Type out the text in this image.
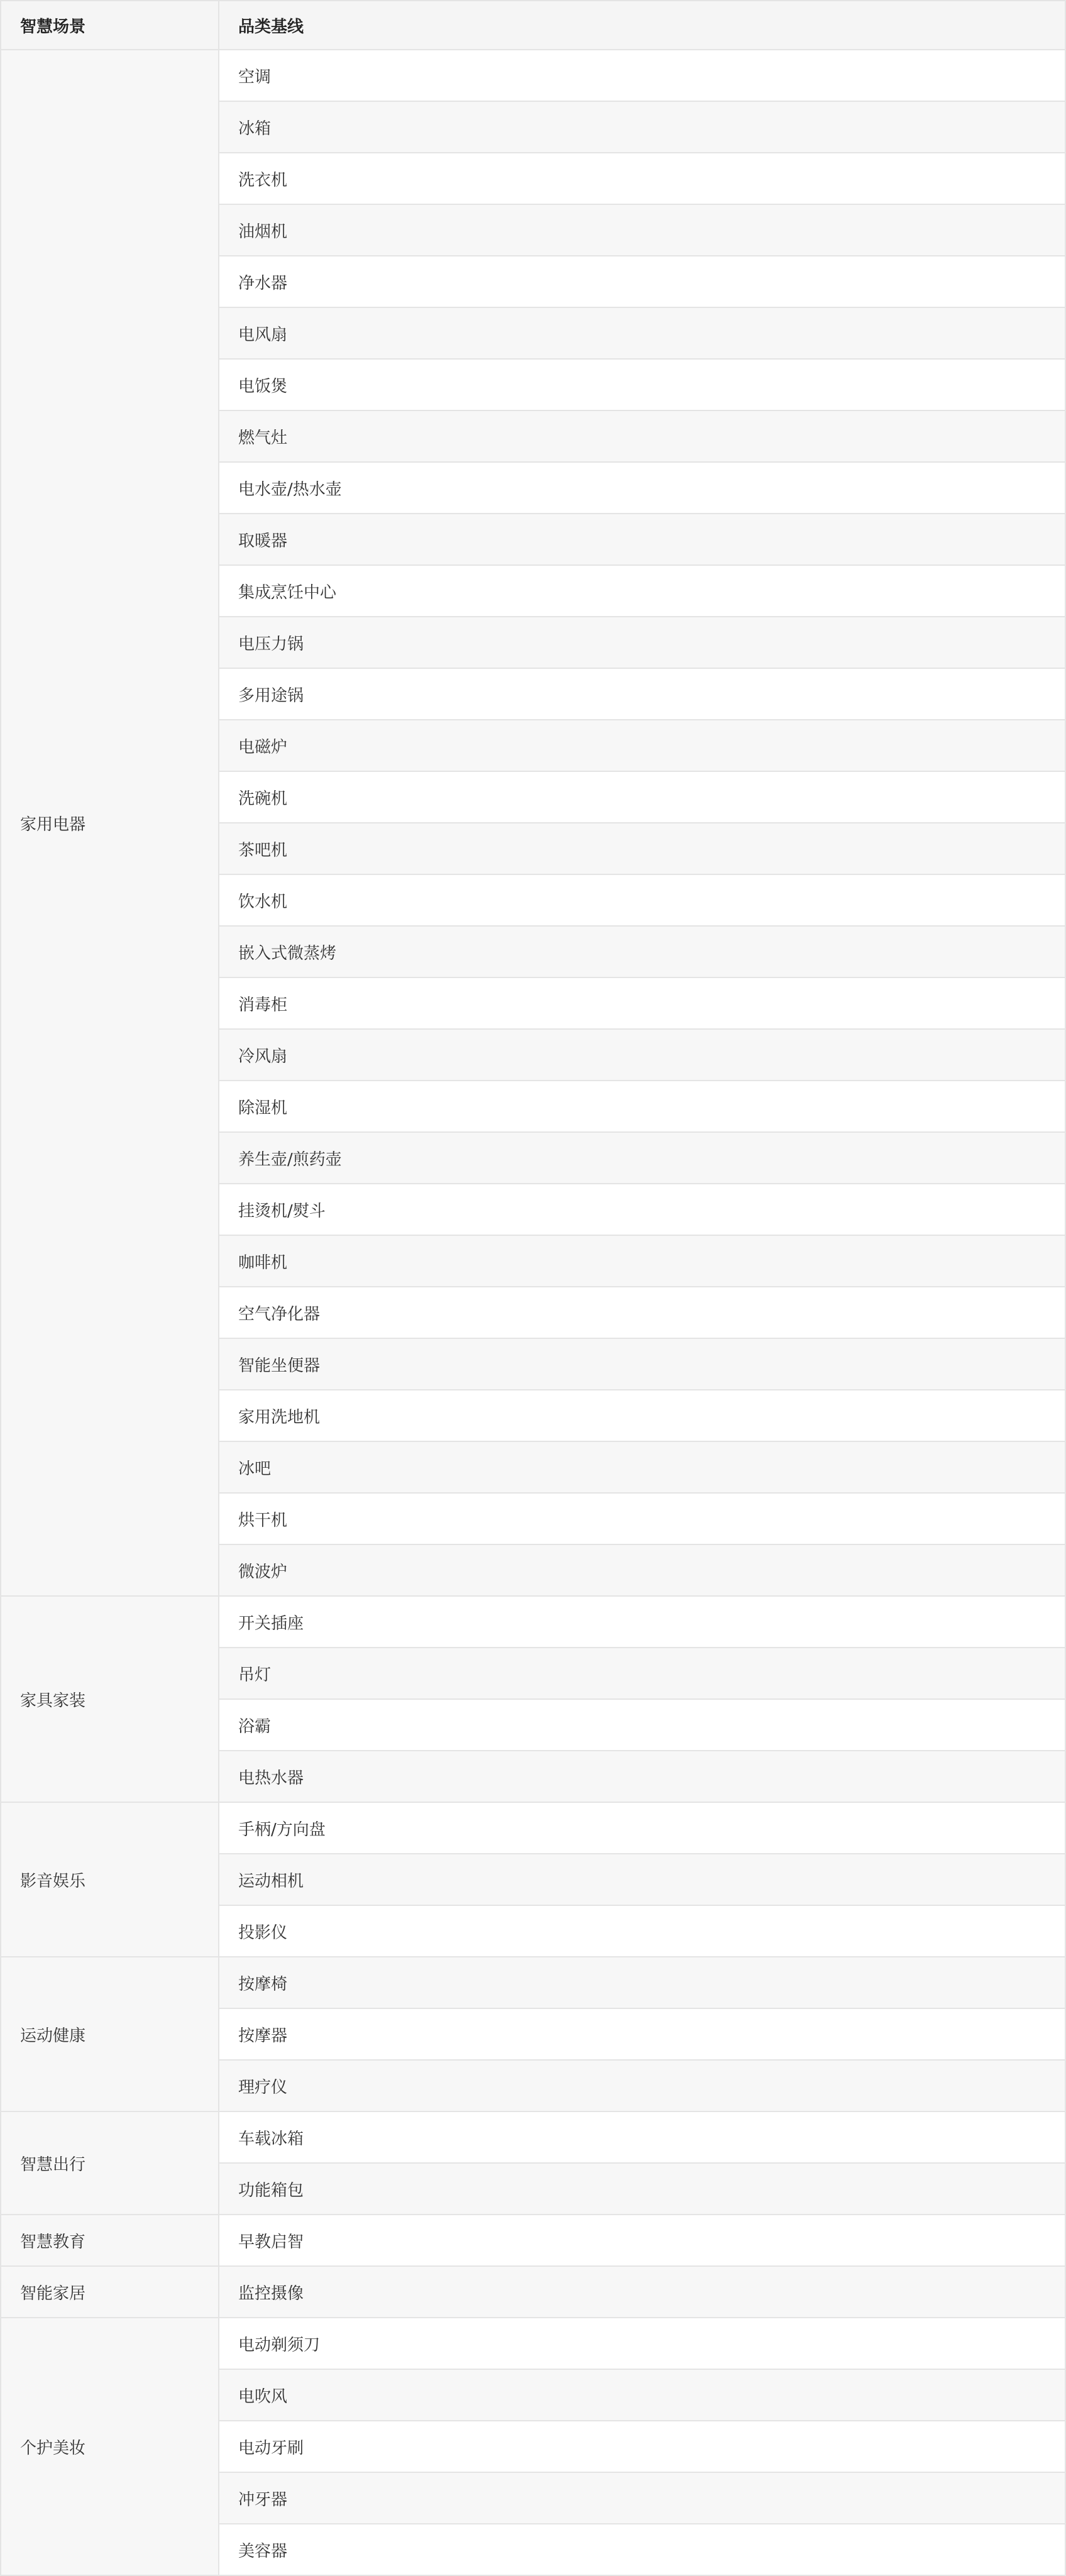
智慧场景	品类基线
家用电器	空调
	冰箱
	洗衣机
	油烟机
	净水器
	电风扇
	电饭煲
	燃气灶
	电水壶/热水壶
	取暖器
	集成烹饪中心
	电压力锅
	多用途锅
	电磁炉
	洗碗机
	茶吧机
	饮水机
	嵌入式微蒸烤
	消毒柜
	冷风扇
	除湿机
	养生壶/煎药壶
	挂烫机/熨斗
	咖啡机
	空气净化器
	智能坐便器
	家用洗地机
	冰吧
	烘干机
	微波炉
家具家装	开关插座
	吊灯
	浴霸
	电热水器
影音娱乐	手柄/方向盘
	运动相机
	投影仪
运动健康	按摩椅
	按摩器
	理疗仪
智慧出行	车载冰箱
	功能箱包
智慧教育	早教启智
智能家居	监控摄像
个护美妆	电动剃须刀
	电吹风
	电动牙刷
	冲牙器
	美容器
